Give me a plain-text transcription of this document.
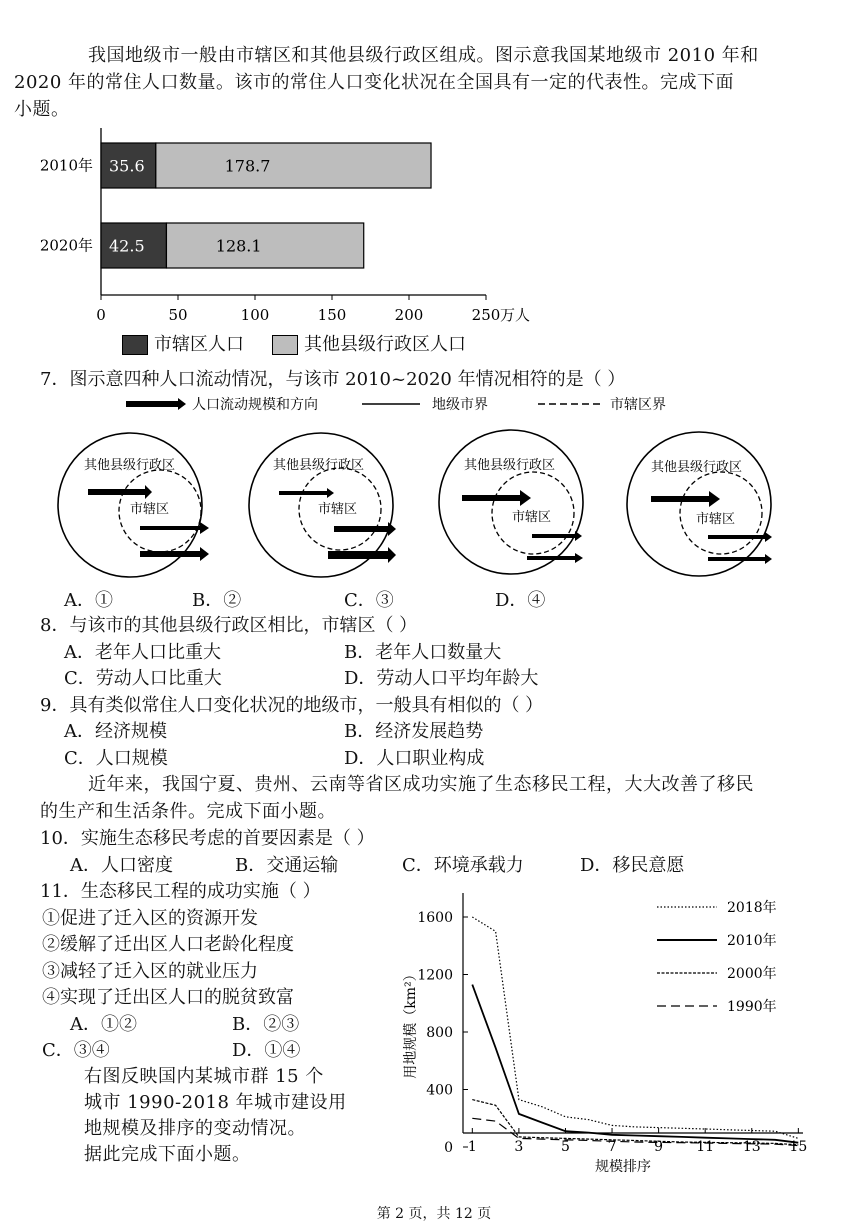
我国地级市一般由市辖区和其他县级行政区组成。图示意我国某地级市 2010 年和
2020 年的常住人口数量。该市的常住人口变化状况在全国具有一定的代表性。完成下面
小题。
0	50	100	150	200	250 万人
2010年 35.6	178.7
2020年 42.5	128.1
市辖区人口	其他县级行政区人口
7．图示意四种人口流动情况，与该市 2010~2020 年情况相符的是（ ）
人口流动规模和方向	地级市界	市辖区界
其他县级行政区
市辖区
其他县级行政区
市辖区
其他县级行政区
市辖区
其他县级行政区
市辖区
A．①	B．②	C．③	D．④
8．与该市的其他县级行政区相比，市辖区（ ）
A．老年人口比重大	B．老年人口数量大
C．劳动人口比重大	D．劳动人口平均年龄大
9．具有类似常住人口变化状况的地级市，一般具有相似的（ ）
A．经济规模	B．经济发展趋势
C．人口规模	D．人口职业构成
近年来，我国宁夏、贵州、云南等省区成功实施了生态移民工程，大大改善了移民
的生产和生活条件。完成下面小题。
10．实施生态移民考虑的首要因素是（ ）
A．人口密度	B．交通运输	C．环境承载力	D．移民意愿
11．生态移民工程的成功实施（ ）
①促进了迁入区的资源开发
②缓解了迁出区人口老龄化程度
③减轻了迁入区的就业压力
④实现了迁出区人口的脱贫致富
A．①②	B．②③
C．③④	D．①④
右图反映国内某城市群 15 个
城市 1990-2018 年城市建设用
地规模及排序的变动情况。
据此完成下面小题。	0
400
800
1200
1600
1	3	5	7	9 11 13 15
规模排序
用地规模（km²）
2018年
2010年
2000年
1990年
第 2 页，共 12 页
